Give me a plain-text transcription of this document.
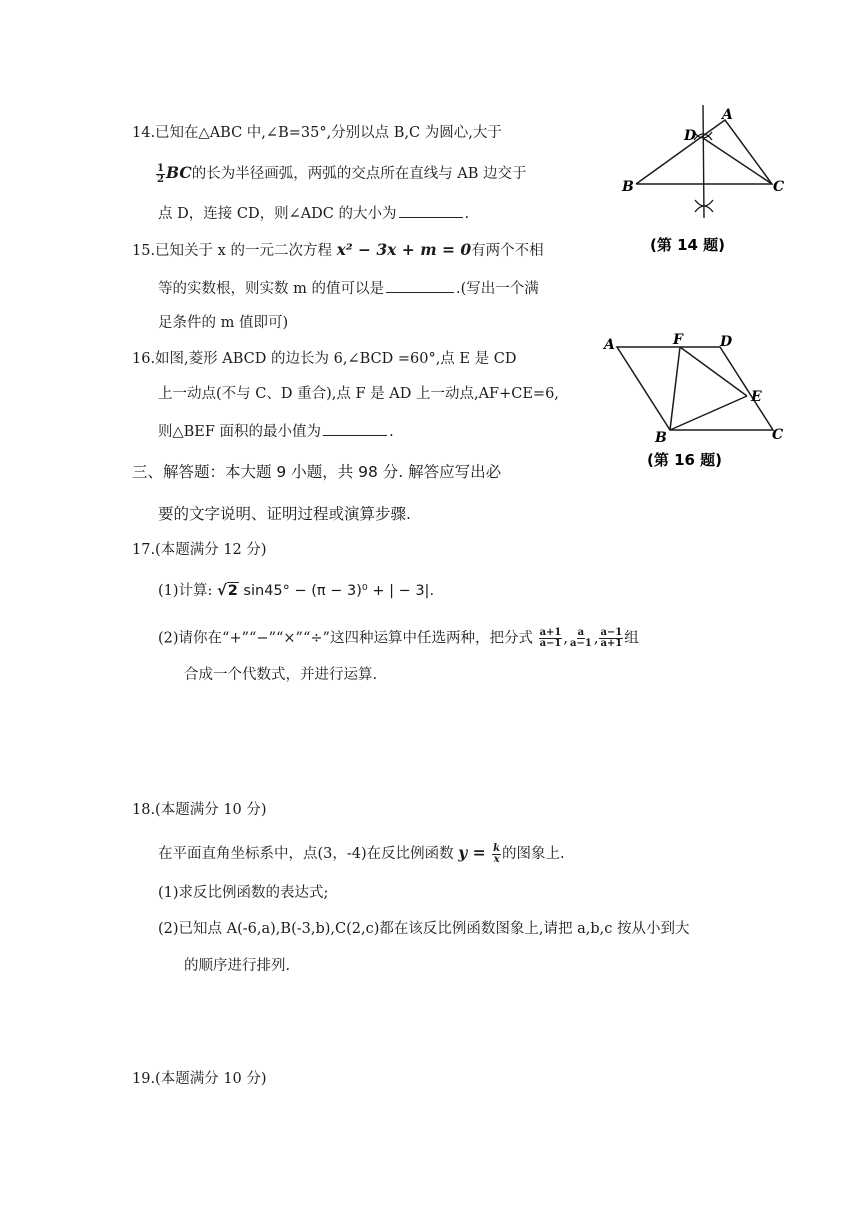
14.已知在△ABC 中,∠B=35°,分别以点 B,C 为圆心,大于
$\frac{1}{2}$ BC的长为半径画弧，两弧的交点所在直线与 AB 边交于
点 D，连接 CD，则∠ADC 的大小为	.
15.已知关于 x 的一元二次方程 x² − 3x + m = 0有两个不相
等的实数根，则实数 m 的值可以是	.(写出一个满
足条件的 m 值即可)
16.如图,菱形 ABCD 的边长为 6,∠BCD =60°,点 E 是 CD
上一动点(不与 C、D 重合),点 F 是 AD 上一动点,AF+CE=6,
则△BEF 面积的最小值为	.
三、解答题：本大题 9 小题，共 98 分. 解答应写出必
要的文字说明、证明过程或演算步骤.
17.(本题满分 12 分)
(1)计算: √2 sin45° − (π − 3)⁰ + | − 3|.
(2)请你在“+”“−”“×”“÷”这四种运算中任选两种，把分式 $\frac{a+1}{a-1}$ , $\frac{a}{a-1}$ , $\frac{a-1}{a+1}$ 组
合成一个代数式，并进行运算.
18.(本题满分 10 分)
在平面直角坐标系中，点(3，-4)在反比例函数 $y = \frac{k}{x}$ 的图象上.
(1)求反比例函数的表达式;
(2)已知点 A(-6,a),B(-3,b),C(2,c)都在该反比例函数图象上,请把 a,b,c 按从小到大
的顺序进行排列.
19.(本题满分 10 分)
A
D
B	C
(第 14 题)
A	F	D
E
B	C
(第 16 题)
